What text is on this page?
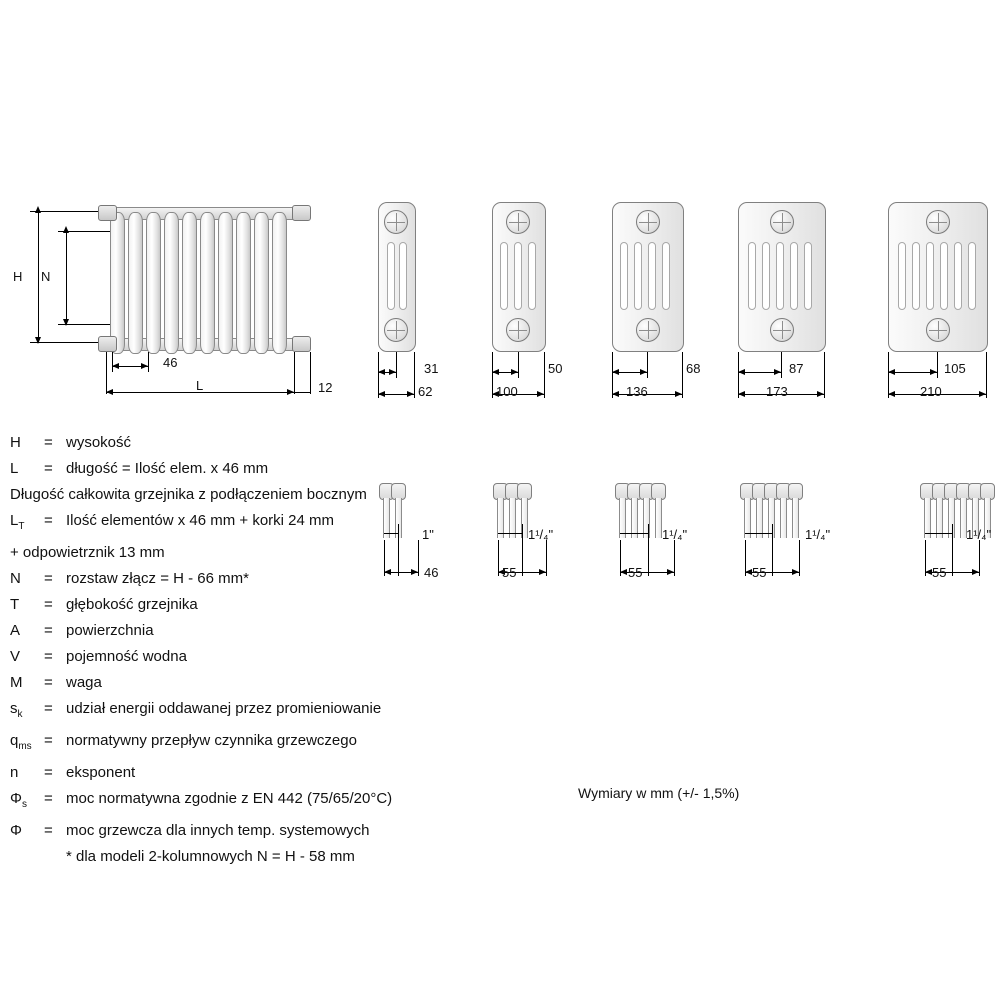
H N
46
L	12
31
62
50
100
68
136
87
173
105
210
1"
46
1¹/₄"
55
1¹/₄"
55
1¹/₄"
55
1¹/₄"
55
H	= wysokość
L	= długość = Ilość elem. x 46 mm
Długość całkowita grzejnika z podłączeniem bocznym
$L_T$	= Ilość elementów x 46 mm + korki 24 mm
+ odpowietrznik 13 mm
N	= rozstaw złącz = H - 66 mm*
T	= głębokość grzejnika
A	= powierzchnia
V	= pojemność wodna
M	= waga
$s_k$	= udział energii oddawanej przez promieniowanie
$q_{ms}$ = normatywny przepływ czynnika grzewczego
n	= eksponent
$\Phi_s$	= moc normatywna zgodnie z EN 442 (75/65/20°C)
Φ	= moc grzewcza dla innych temp. systemowych
* dla modeli 2-kolumnowych N = H - 58 mm
Wymiary w mm (+/- 1,5%)
